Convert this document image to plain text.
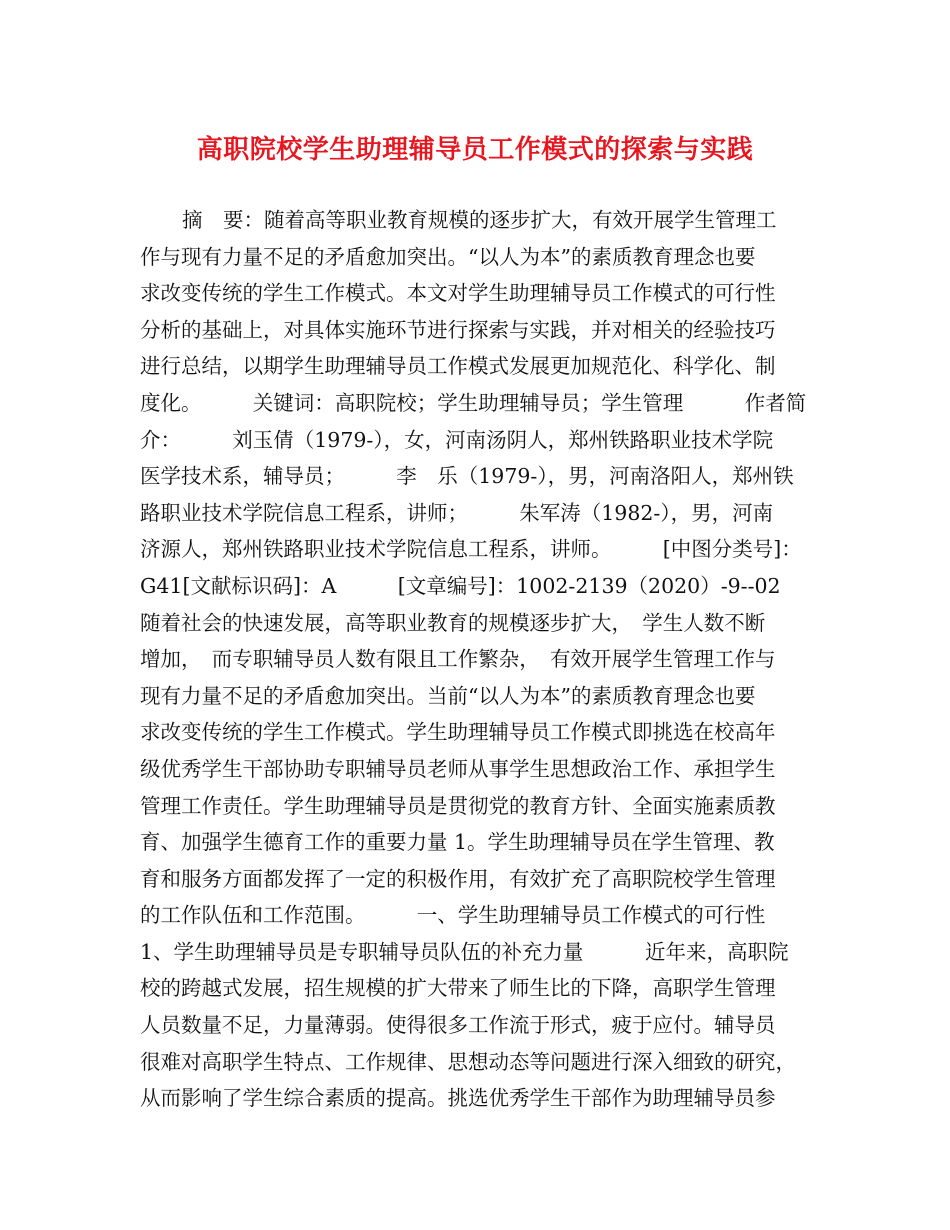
高职院校学生助理辅导员工作模式的探索与实践
摘　要：随着高等职业教育规模的逐步扩大，有效开展学生管理工
作与现有力量不足的矛盾愈加突出。“以人为本”的素质教育理念也要
求改变传统的学生工作模式。本文对学生助理辅导员工作模式的可行性
分析的基础上，对具体实施环节进行探索与实践，并对相关的经验技巧
进行总结，以期学生助理辅导员工作模式发展更加规范化、科学化、制
度化。　　　关键词：高职院校；学生助理辅导员；学生管理　　　作者简
介：　　　刘玉倩（1979-），女，河南汤阴人，郑州铁路职业技术学院
医学技术系，辅导员；　　　李　乐（1979-），男，河南洛阳人，郑州铁
路职业技术学院信息工程系，讲师；　　　朱军涛（1982-），男，河南
济源人，郑州铁路职业技术学院信息工程系，讲师。　　　[中图分类号]：
G41[文献标识码]：A　　　[文章编号]：1002-2139（2020）-9--02
随着社会的快速发展，高等职业教育的规模逐步扩大，　学生人数不断
增加，　而专职辅导员人数有限且工作繁杂，　有效开展学生管理工作与
现有力量不足的矛盾愈加突出。当前“以人为本”的素质教育理念也要
求改变传统的学生工作模式。学生助理辅导员工作模式即挑选在校高年
级优秀学生干部协助专职辅导员老师从事学生思想政治工作、承担学生
管理工作责任。学生助理辅导员是贯彻党的教育方针、全面实施素质教
育、加强学生德育工作的重要力量 1。学生助理辅导员在学生管理、教
育和服务方面都发挥了一定的积极作用，有效扩充了高职院校学生管理
的工作队伍和工作范围。　　　一、学生助理辅导员工作模式的可行性
1、学生助理辅导员是专职辅导员队伍的补充力量　　　近年来，高职院
校的跨越式发展，招生规模的扩大带来了师生比的下降，高职学生管理
人员数量不足，力量薄弱。使得很多工作流于形式，疲于应付。辅导员
很难对高职学生特点、工作规律、思想动态等问题进行深入细致的研究，
从而影响了学生综合素质的提高。挑选优秀学生干部作为助理辅导员参
